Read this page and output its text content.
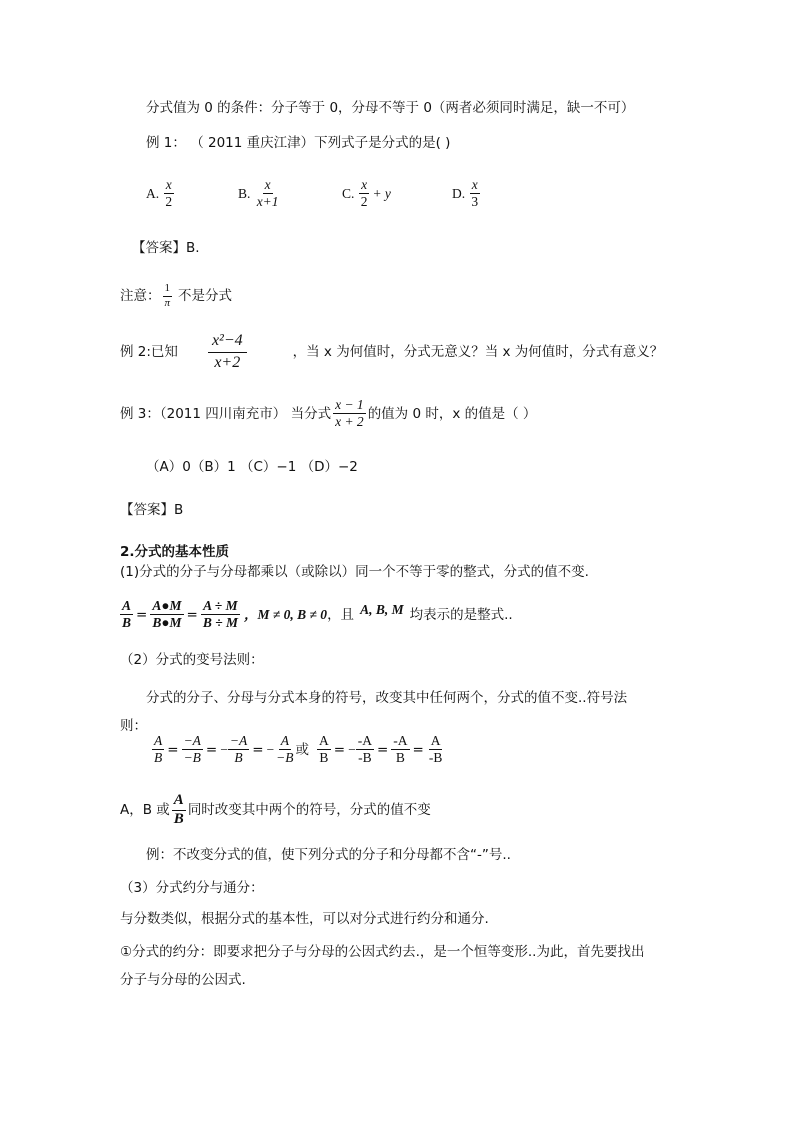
分式值为 0 的条件：分子等于 0，分母不等于 0（两者必须同时满足，缺一不可）
例 1： （ 2011 重庆江津）下列式子是分式的是( )
A.
$\frac{x}{2}$	B.
$\frac{x}{x+1}$	C.
$\frac{x}{2} + y$	D.
$\frac{x}{3}$
【答案】B.
注意： $\frac{1}{\pi}$ 不是分式
例 2:已知 $\frac{\text{x²−4}}{x+2}$	，当 x 为何值时，分式无意义？当 x 为何值时，分式有意义？
例 3：（2011 四川南充市） 当分式 $\frac{x - 1}{x + 2}$ 的值为 0 时，x 的值是（ ）
（A）0（B）1 （C）−1 （D）−2
【答案】B
2.分式的基本性质
(1)分式的分子与分母都乘以（或除以）同一个不等于零的整式，分式的值不变.
$\frac{A}{B} = \frac{A●M}{B●M} = \frac{A \div M}{B \div M}$ ， M ≠ 0, B ≠ 0 ，且 A, B, M 均表示的是整式..
（2）分式的变号法则：
分式的分子、分母与分式本身的符号，改变其中任何两个，分式的值不变..符号法
则：
$\frac{A}{B} = \frac{-A}{-B}$ = − $\frac{-A}{B}$ = − $\frac{A}{-B}$ 或 $\frac{A}{B}$ = − $\frac{-A}{-B} = \frac{-A}{B} = \frac{A}{-B}$
A，B 或 $\frac{A}{B}$ 同时改变其中两个的符号，分式的值不变
例：不改变分式的值，使下列分式的分子和分母都不含“-”号..
（3）分式约分与通分：
与分数类似，根据分式的基本性，可以对分式进行约分和通分.
①分式的约分：即要求把分子与分母的公因式约去.，是一个恒等变形..为此，首先要找出
分子与分母的公因式.
